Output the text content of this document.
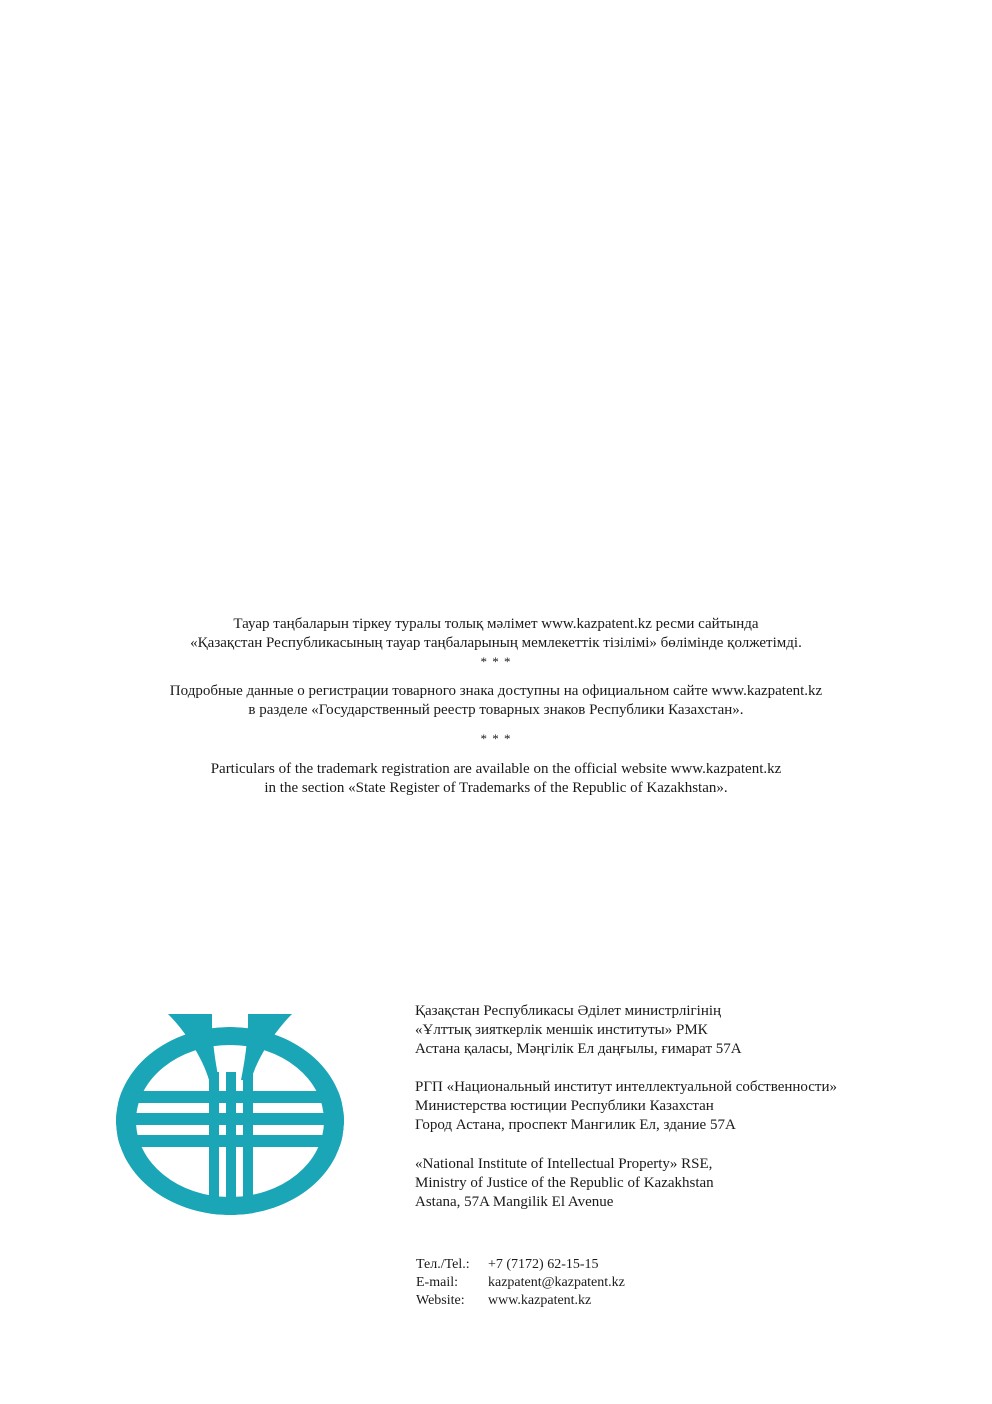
Тауар таңбаларын тіркеу туралы толық мәлімет www.kazpatent.kz ресми сайтында

«Қазақстан Республикасының тауар таңбаларының мемлекеттік тізілімі» бөлімінде қолжетімді.

* * *

Подробные данные о регистрации товарного знака доступны на официальном сайте www.kazpatent.kz

в разделе «Государственный реестр товарных знаков Республики Казахстан».

* * *

Particulars of the trademark registration are available on the official website www.kazpatent.kz

in the section «State Register of Trademarks of the Republic of Kazakhstan».

Қазақстан Республикасы Әділет министрлігінің

«Ұлттық зияткерлік меншік институты» РМК

Астана қаласы, Мәңгілік Ел даңғылы, ғимарат 57А

РГП «Национальный институт интеллектуальной собственности»

Министерства юстиции Республики Казахстан

Город Астана, проспект Мангилик Ел, здание 57А

«National Institute of Intellectual Property» RSE,

Ministry of Justice of the Republic of Kazakhstan

Astana, 57A Mangilik El Avenue

Тел./Tel.:	+7 (7172) 62-15-15
E-mail:	kazpatent@kazpatent.kz
Website:	www.kazpatent.kz
